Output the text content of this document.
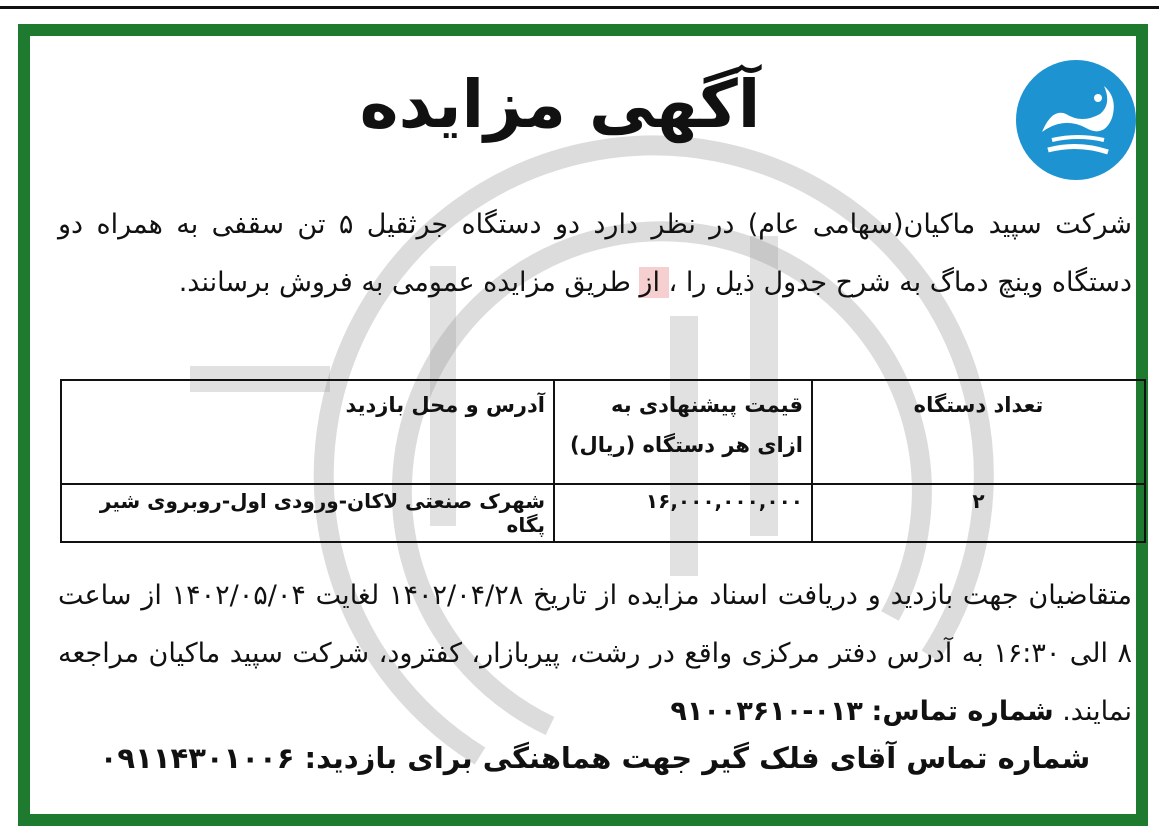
آگهی مزایده
شرکت سپید ماکیان(سهامی عام) در نظر دارد دو دستگاه جرثقیل ۵ تن سقفی به همراه دو دستگاه وینچ دماگ به شرح جدول ذیل را ، از طریق مزایده عمومی به فروش برسانند.
تعداد دستگاه	قیمت پیشنهادی به ازای هر دستگاه (ریال)	آدرس و محل بازدید
۲	۱۶,۰۰۰,۰۰۰,۰۰۰	شهرک صنعتی لاکان-ورودی اول-روبروی شیر پگاه
متقاضیان جهت بازدید و دریافت اسناد مزایده از تاریخ ۱۴۰۲/۰۴/۲۸ لغایت ۱۴۰۲/۰۵/۰۴ از ساعت ۸ الی ۱۶:۳۰ به آدرس دفتر مرکزی واقع در رشت، پیربازار، کفترود، شرکت سپید ماکیان مراجعه نمایند. شماره تماس: ۰۱۳-۹۱۰۰۳۶۱۰
شماره تماس آقای فلک گیر جهت هماهنگی برای بازدید: ۰۹۱۱۴۳۰۱۰۰۶
